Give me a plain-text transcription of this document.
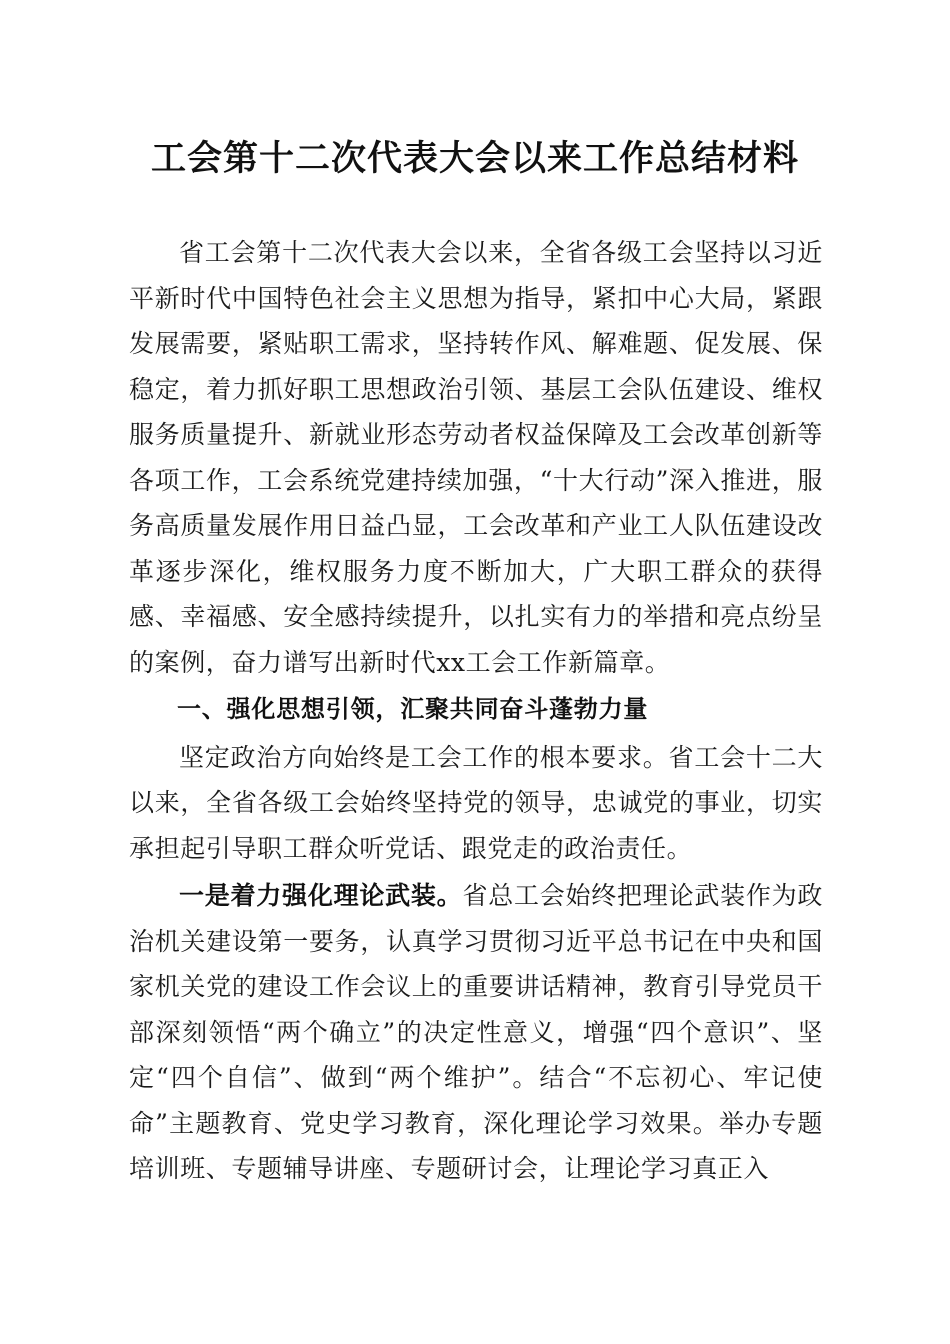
工会第十二次代表大会以来工作总结材料

省工会第十二次代表大会以来，全省各级工会坚持以习近平新时代中国特色社会主义思想为指导，紧扣中心大局，紧跟发展需要，紧贴职工需求，坚持转作风、解难题、促发展、保稳定，着力抓好职工思想政治引领、基层工会队伍建设、维权服务质量提升、新就业形态劳动者权益保障及工会改革创新等各项工作，工会系统党建持续加强，“十大行动”深入推进，服务高质量发展作用日益凸显，工会改革和产业工人队伍建设改革逐步深化，维权服务力度不断加大，广大职工群众的获得感、幸福感、安全感持续提升，以扎实有力的举措和亮点纷呈的案例，奋力谱写出新时代xx工会工作新篇章。

一、强化思想引领，汇聚共同奋斗蓬勃力量

坚定政治方向始终是工会工作的根本要求。省工会十二大以来，全省各级工会始终坚持党的领导，忠诚党的事业，切实承担起引导职工群众听党话、跟党走的政治责任。

一是着力强化理论武装。省总工会始终把理论武装作为政治机关建设第一要务，认真学习贯彻习近平总书记在中央和国家机关党的建设工作会议上的重要讲话精神，教育引导党员干部深刻领悟“两个确立”的决定性意义，增强“四个意识”、坚定“四个自信”、做到“两个维护”。结合“不忘初心、牢记使命”主题教育、党史学习教育，深化理论学习效果。举办专题培训班、专题辅导讲座、专题研讨会，让理论学习真正入
